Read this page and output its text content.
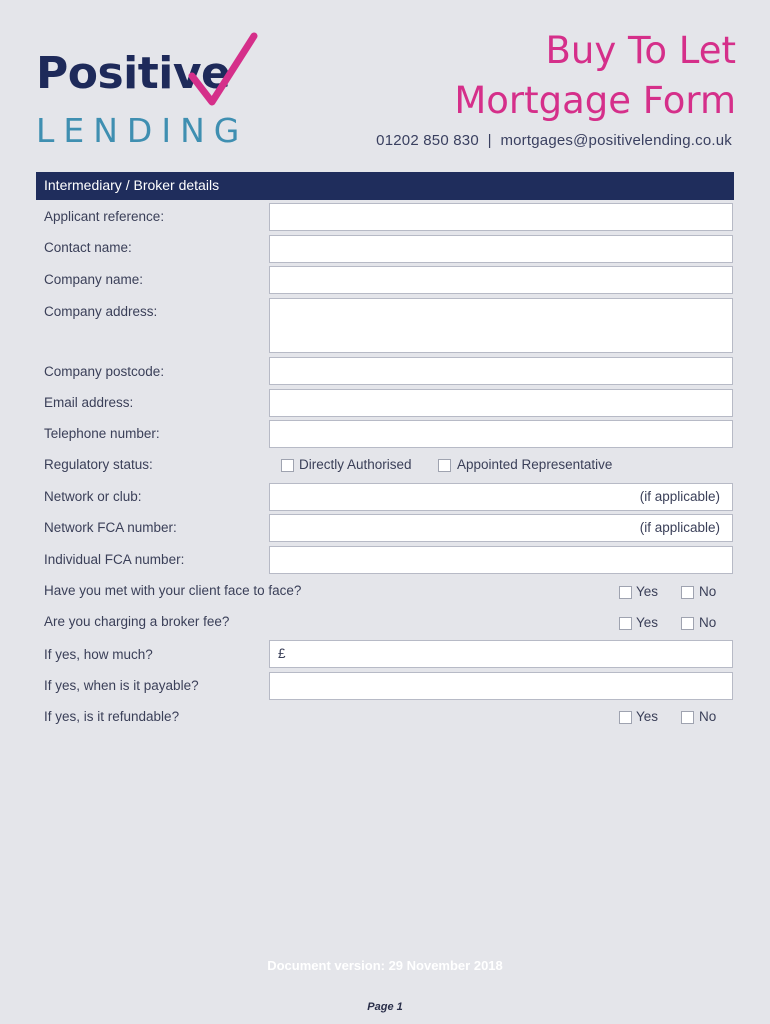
Positive
LENDING
Buy To Let
Mortgage Form
01202 850 830  |  mortgages@positivelending.co.uk
Intermediary / Broker details
Applicant reference:
Contact name:
Company name:
Company address:
Company postcode:
Email address:
Telephone number:
Regulatory status:	Directly Authorised	Appointed Representative
Network or club:	(if applicable)
Network FCA number:	(if applicable)
Individual FCA number:
Have you met with your client face to face?	Yes	No
Are you charging a broker fee?	Yes	No
If yes, how much?	£
If yes, when is it payable?
If yes, is it refundable?	Yes	No
Document version: 29 November 2018
Page 1
